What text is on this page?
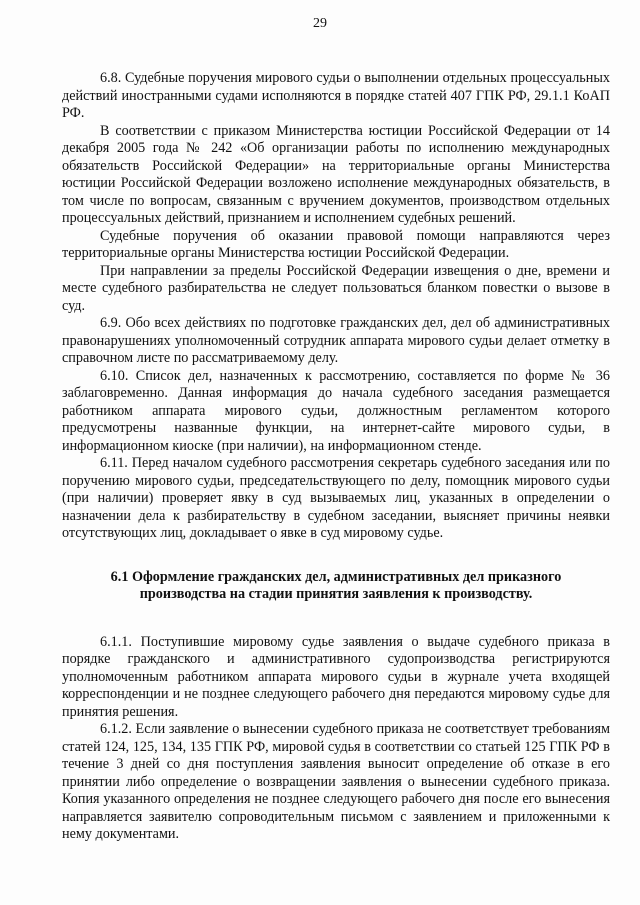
29

6.8. Судебные поручения мирового судьи о выполнении отдельных процессуальных действий иностранными судами исполняются в порядке статей 407 ГПК РФ, 29.1.1 КоАП РФ.

В соответствии с приказом Министерства юстиции Российской Федерации от 14 декабря 2005 года № 242 «Об организации работы по исполнению международных обязательств Российской Федерации» на территориальные органы Министерства юстиции Российской Федерации возложено исполнение международных обязательств, в том числе по вопросам, связанным с вручением документов, производством отдельных процессуальных действий, признанием и исполнением судебных решений.

Судебные поручения об оказании правовой помощи направляются через территориальные органы Министерства юстиции Российской Федерации.

При направлении за пределы Российской Федерации извещения о дне, времени и месте судебного разбирательства не следует пользоваться бланком повестки о вызове в суд.

6.9. Обо всех действиях по подготовке гражданских дел, дел об административных правонарушениях уполномоченный сотрудник аппарата мирового судьи делает отметку в справочном листе по рассматриваемому делу.

6.10. Список дел, назначенных к рассмотрению, составляется по форме № 36 заблаговременно. Данная информация до начала судебного заседания размещается работником аппарата мирового судьи, должностным регламентом которого предусмотрены названные функции, на интернет-сайте мирового судьи, в информационном киоске (при наличии), на информационном стенде.

6.11. Перед началом судебного рассмотрения секретарь судебного заседания или по поручению мирового судьи, председательствующего по делу, помощник мирового судьи (при наличии) проверяет явку в суд вызываемых лиц, указанных в определении о назначении дела к разбирательству в судебном заседании, выясняет причины неявки отсутствующих лиц, докладывает о явке в суд мировому судье.

6.1 Оформление гражданских дел, административных дел приказного производства на стадии принятия заявления к производству.

6.1.1. Поступившие мировому судье заявления о выдаче судебного приказа в порядке гражданского и административного судопроизводства регистрируются уполномоченным работником аппарата мирового судьи в журнале учета входящей корреспонденции и не позднее следующего рабочего дня передаются мировому судье для принятия решения.

6.1.2. Если заявление о вынесении судебного приказа не соответствует требованиям статей 124, 125, 134, 135 ГПК РФ, мировой судья в соответствии со статьей 125 ГПК РФ в течение 3 дней со дня поступления заявления выносит определение об отказе в его принятии либо определение о возвращении заявления о вынесении судебного приказа. Копия указанного определения не позднее следующего рабочего дня после его вынесения направляется заявителю сопроводительным письмом с заявлением и приложенными к нему документами.
